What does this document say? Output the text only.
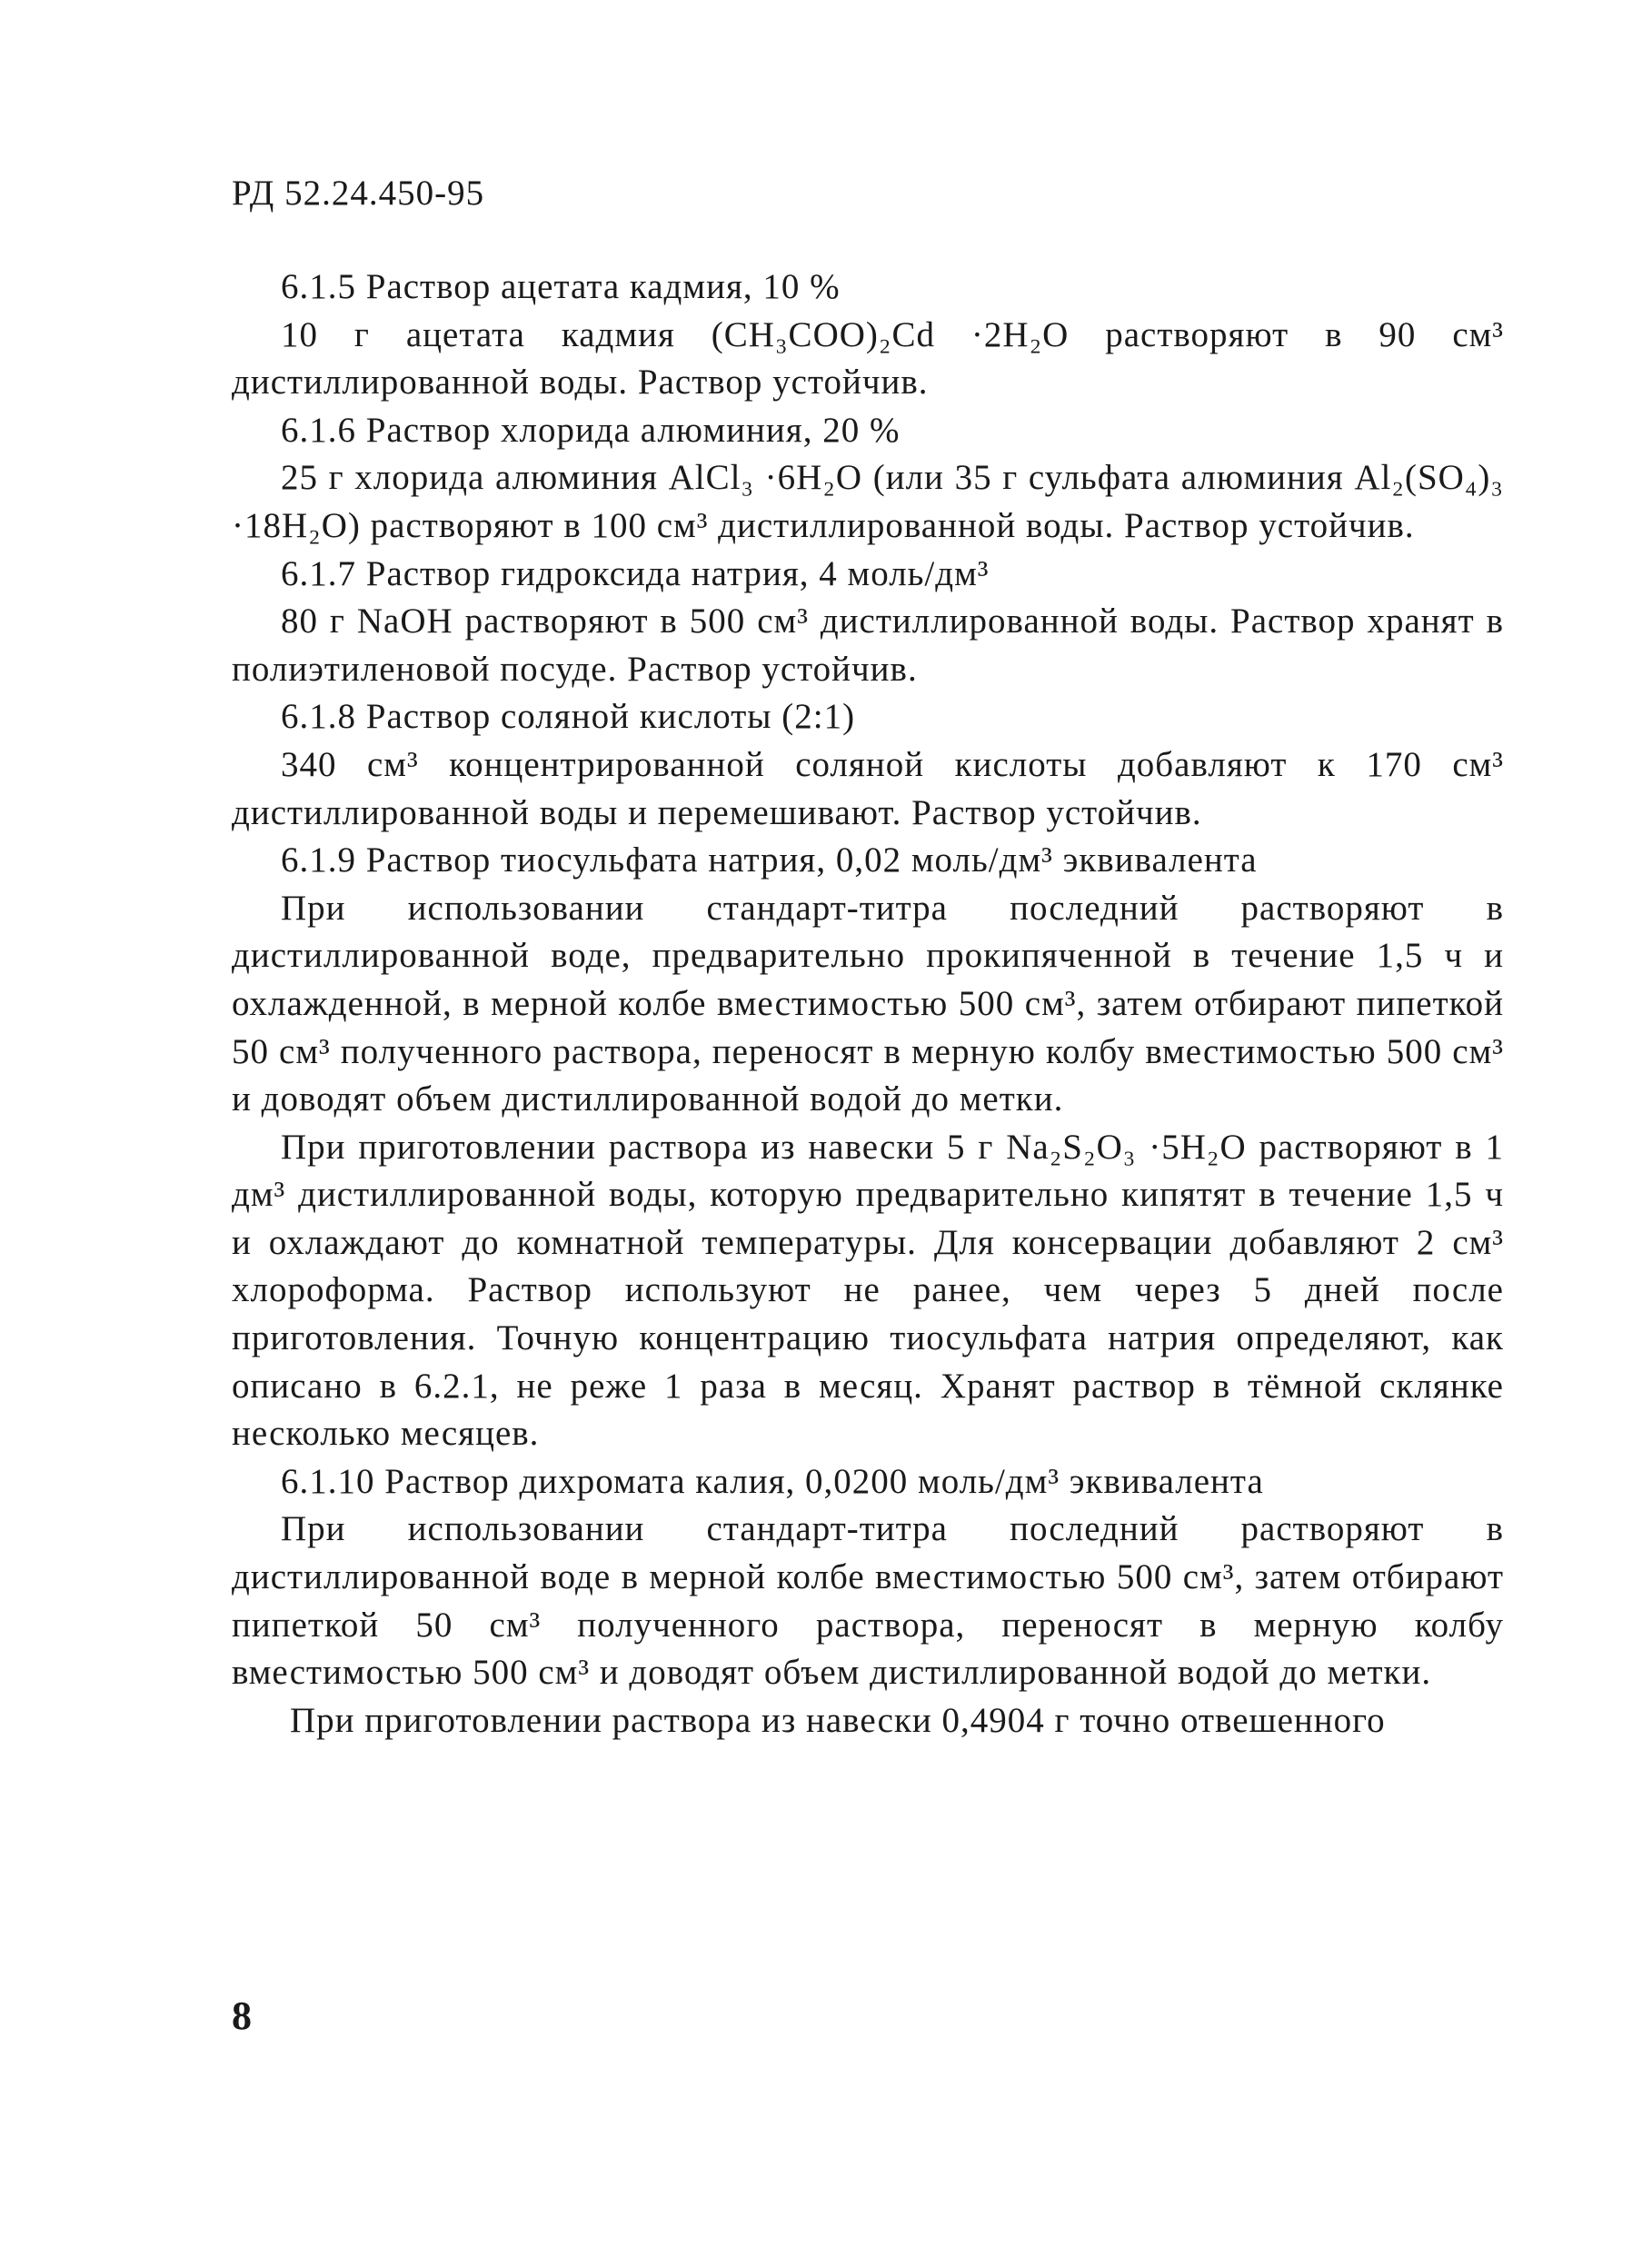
РД 52.24.450-95

6.1.5 Раствор ацетата кадмия, 10 %

10 г ацетата кадмия (CH₃COO)₂Cd ·2H₂O растворяют в 90 см³ дистиллированной воды. Раствор устойчив.

6.1.6 Раствор хлорида алюминия, 20 %

25 г хлорида алюминия AlCl₃ ·6H₂O (или 35 г сульфата алюминия Al₂(SO₄)₃ ·18H₂O) растворяют в 100 см³ дистиллированной воды. Раствор устойчив.

6.1.7 Раствор гидроксида натрия, 4 моль/дм³

80 г NaOH растворяют в 500 см³ дистиллированной воды. Раствор хранят в полиэтиленовой посуде. Раствор устойчив.

6.1.8 Раствор соляной кислоты (2:1)

340 см³ концентрированной соляной кислоты добавляют к 170 см³ дистиллированной воды и перемешивают. Раствор устойчив.

6.1.9 Раствор тиосульфата натрия, 0,02 моль/дм³ эквивалента

При использовании стандарт-титра последний растворяют в дистиллированной воде, предварительно прокипяченной в течение 1,5 ч и охлажденной, в мерной колбе вместимостью 500 см³, затем отбирают пипеткой 50 см³ полученного раствора, переносят в мерную колбу вместимостью 500 см³ и доводят объем дистиллированной водой до метки.

При приготовлении раствора из навески 5 г Na₂S₂O₃ ·5H₂O растворяют в 1 дм³ дистиллированной воды, которую предварительно кипятят в течение 1,5 ч и охлаждают до комнатной температуры. Для консервации добавляют 2 см³ хлороформа. Раствор используют не ранее, чем через 5 дней после приготовления. Точную концентрацию тиосульфата натрия определяют, как описано в 6.2.1, не реже 1 раза в месяц. Хранят раствор в тёмной склянке несколько месяцев.

6.1.10 Раствор дихромата калия, 0,0200 моль/дм³ эквивалента

При использовании стандарт-титра последний растворяют в дистиллированной воде в мерной колбе вместимостью 500 см³, затем отбирают пипеткой 50 см³ полученного раствора, переносят в мерную колбу вместимостью 500 см³ и доводят объем дистиллированной водой до метки.

При приготовлении раствора из навески 0,4904 г точно отвешенного

8
